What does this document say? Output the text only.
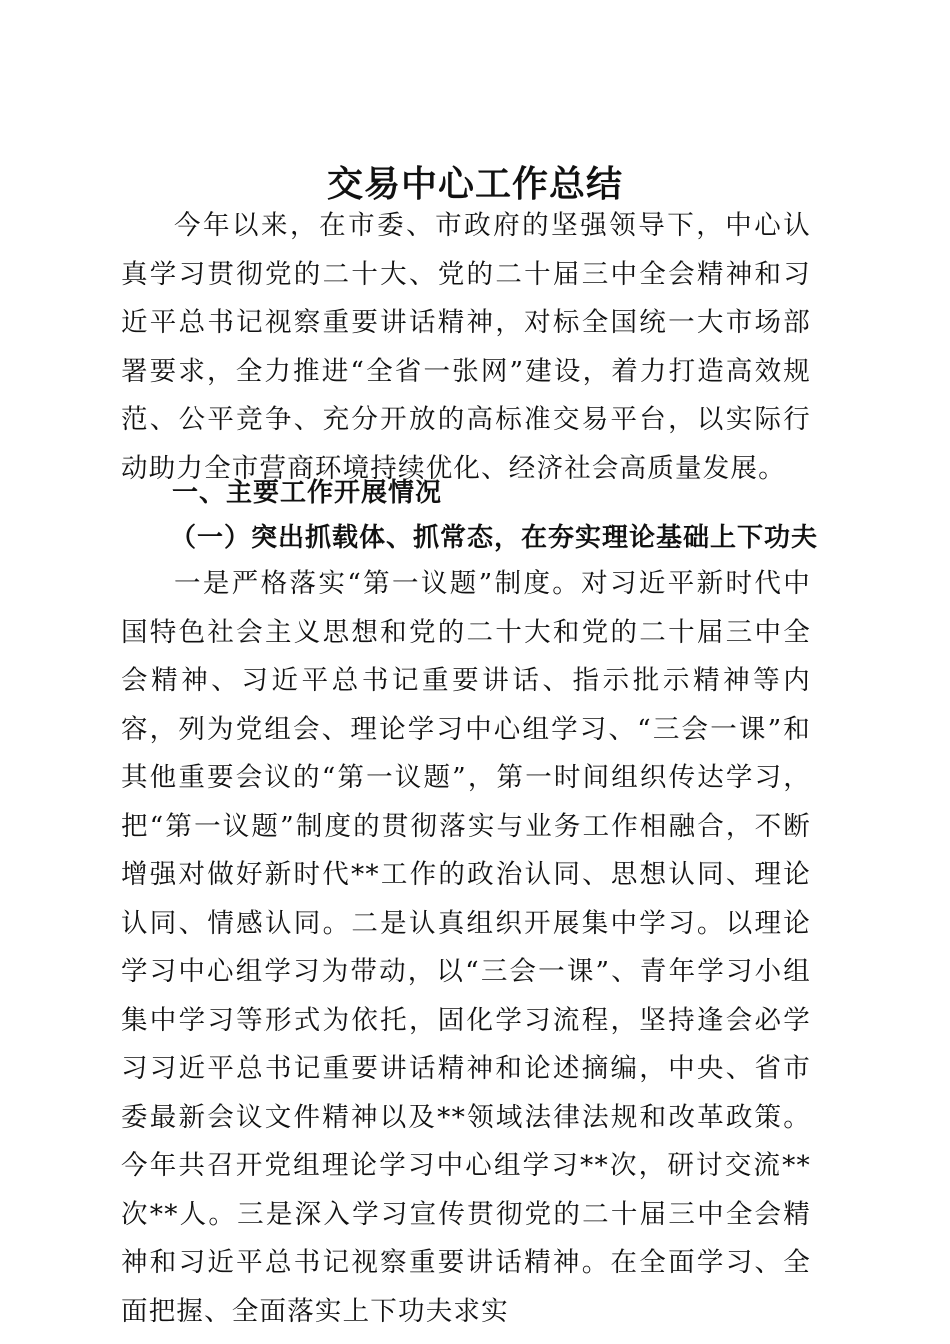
交易中心工作总结

今年以来，在市委、市政府的坚强领导下，中心认真学习贯彻党的二十大、党的二十届三中全会精神和习近平总书记视察重要讲话精神，对标全国统一大市场部署要求，全力推进“全省一张网”建设，着力打造高效规范、公平竞争、充分开放的高标准交易平台，以实际行动助力全市营商环境持续优化、经济社会高质量发展。

一、主要工作开展情况
（一）突出抓载体、抓常态，在夯实理论基础上下功夫

一是严格落实“第一议题”制度。对习近平新时代中国特色社会主义思想和党的二十大和党的二十届三中全会精神、习近平总书记重要讲话、指示批示精神等内容，列为党组会、理论学习中心组学习、“三会一课”和其他重要会议的“第一议题”，第一时间组织传达学习，把“第一议题”制度的贯彻落实与业务工作相融合，不断增强对做好新时代**工作的政治认同、思想认同、理论认同、情感认同。二是认真组织开展集中学习。以理论学习中心组学习为带动，以“三会一课”、青年学习小组集中学习等形式为依托，固化学习流程，坚持逢会必学习习近平总书记重要讲话精神和论述摘编，中央、省市委最新会议文件精神以及**领域法律法规和改革政策。今年共召开党组理论学习中心组学习**次，研讨交流**次**人。三是深入学习宣传贯彻党的二十届三中全会精神和习近平总书记视察重要讲话精神。在全面学习、全面把握、全面落实上下功夫求实
